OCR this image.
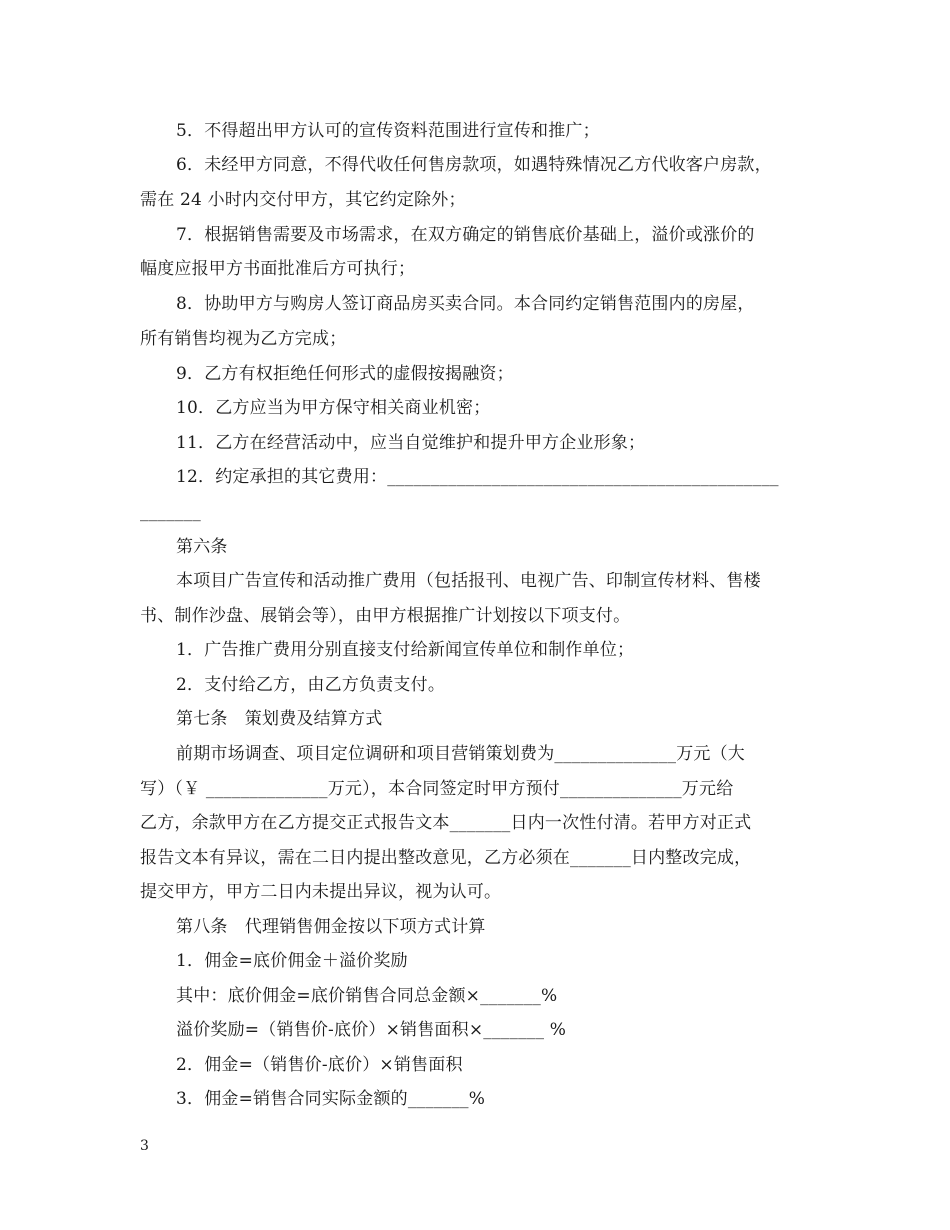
5．不得超出甲方认可的宣传资料范围进行宣传和推广；
6．未经甲方同意，不得代收任何售房款项，如遇特殊情况乙方代收客户房款，
需在 24 小时内交付甲方，其它约定除外；
7．根据销售需要及市场需求，在双方确定的销售底价基础上，溢价或涨价的
幅度应报甲方书面批准后方可执行；
8．协助甲方与购房人签订商品房买卖合同。本合同约定销售范围内的房屋，
所有销售均视为乙方完成；
9．乙方有权拒绝任何形式的虚假按揭融资；
10．乙方应当为甲方保守相关商业机密；
11．乙方在经营活动中，应当自觉维护和提升甲方企业形象；
12．约定承担的其它费用：_____________________________________________
_______
第六条
本项目广告宣传和活动推广费用（包括报刊、电视广告、印制宣传材料、售楼
书、制作沙盘、展销会等），由甲方根据推广计划按以下项支付。
1．广告推广费用分别直接支付给新闻宣传单位和制作单位；
2．支付给乙方，由乙方负责支付。
第七条　策划费及结算方式
前期市场调查、项目定位调研和项目营销策划费为______________万元（大
写）（￥ ______________万元），本合同签定时甲方预付______________万元给
乙方，余款甲方在乙方提交正式报告文本_______日内一次性付清。若甲方对正式
报告文本有异议，需在二日内提出整改意见，乙方必须在_______日内整改完成，
提交甲方，甲方二日内未提出异议，视为认可。
第八条　代理销售佣金按以下项方式计算
1．佣金=底价佣金＋溢价奖励
其中：底价佣金=底价销售合同总金额×_______%
溢价奖励=（销售价-底价）×销售面积×_______ %
2．佣金=（销售价-底价）×销售面积
3．佣金=销售合同实际金额的_______%
3
